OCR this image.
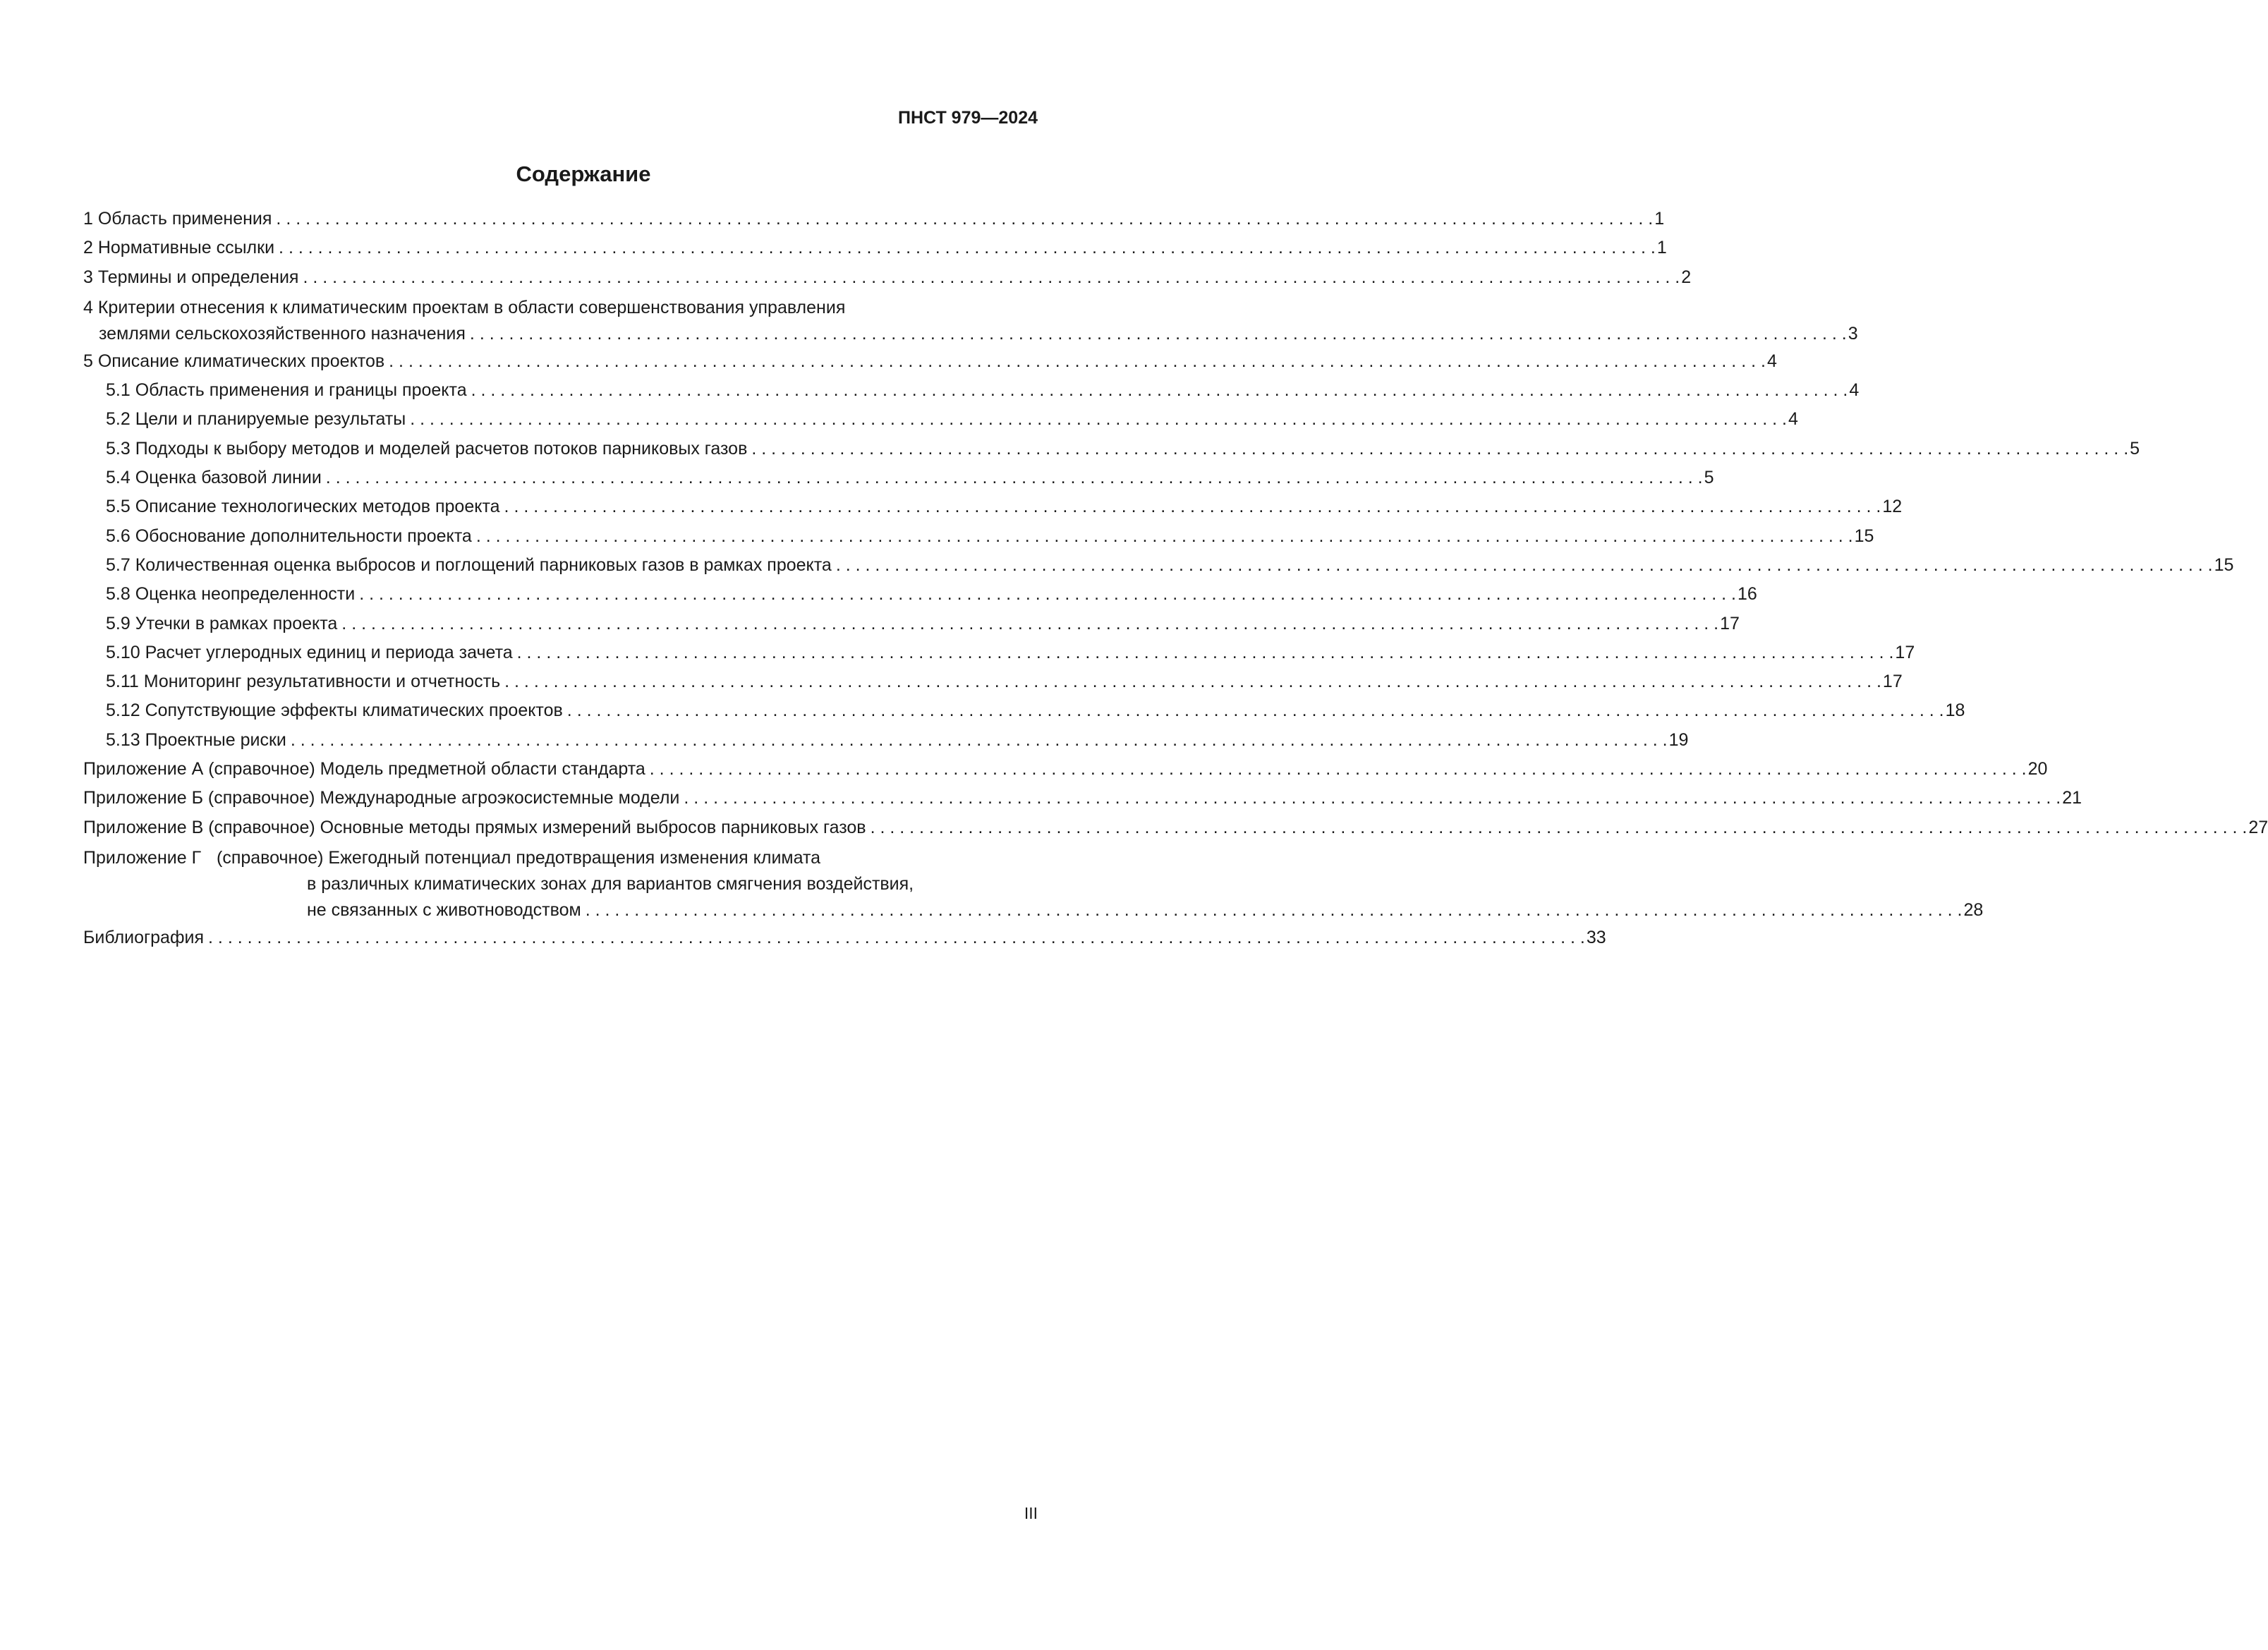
ПНСТ 979—2024
Содержание
1 Область применения . . .	1
2 Нормативные ссылки . . .	1
3 Термины и определения . . .	2
4 Критерии отнесения к климатическим проектам в области совершенствования управления
землями сельскохозяйственного назначения . . .	3
5 Описание климатических проектов . . .	4
5.1 Область применения и границы проекта . . .	4
5.2 Цели и планируемые результаты . . .	4
5.3 Подходы к выбору методов и моделей расчетов потоков парниковых газов . . .	5
5.4 Оценка базовой линии . . .	5
5.5 Описание технологических методов проекта . . .	12
5.6 Обоснование дополнительности проекта . . .	15
5.7 Количественная оценка выбросов и поглощений парниковых газов в рамках проекта . . .	15
5.8 Оценка неопределенности . . .	16
5.9 Утечки в рамках проекта . . .	17
5.10 Расчет углеродных единиц и периода зачета . . .	17
5.11 Мониторинг результативности и отчетность . . .	17
5.12 Сопутствующие эффекты климатических проектов . . .	18
5.13 Проектные риски . . .	19
Приложение А (справочное) Модель предметной области стандарта . . .	20
Приложение Б (справочное) Международные агроэкосистемные модели . . .	21
Приложение В (справочное) Основные методы прямых измерений выбросов парниковых газов . . .	27
Приложение Г (справочное) Ежегодный потенциал предотвращения изменения климата
в различных климатических зонах для вариантов смягчения воздействия,
не связанных с животноводством . . .	28
Библиография . . .	33
III
